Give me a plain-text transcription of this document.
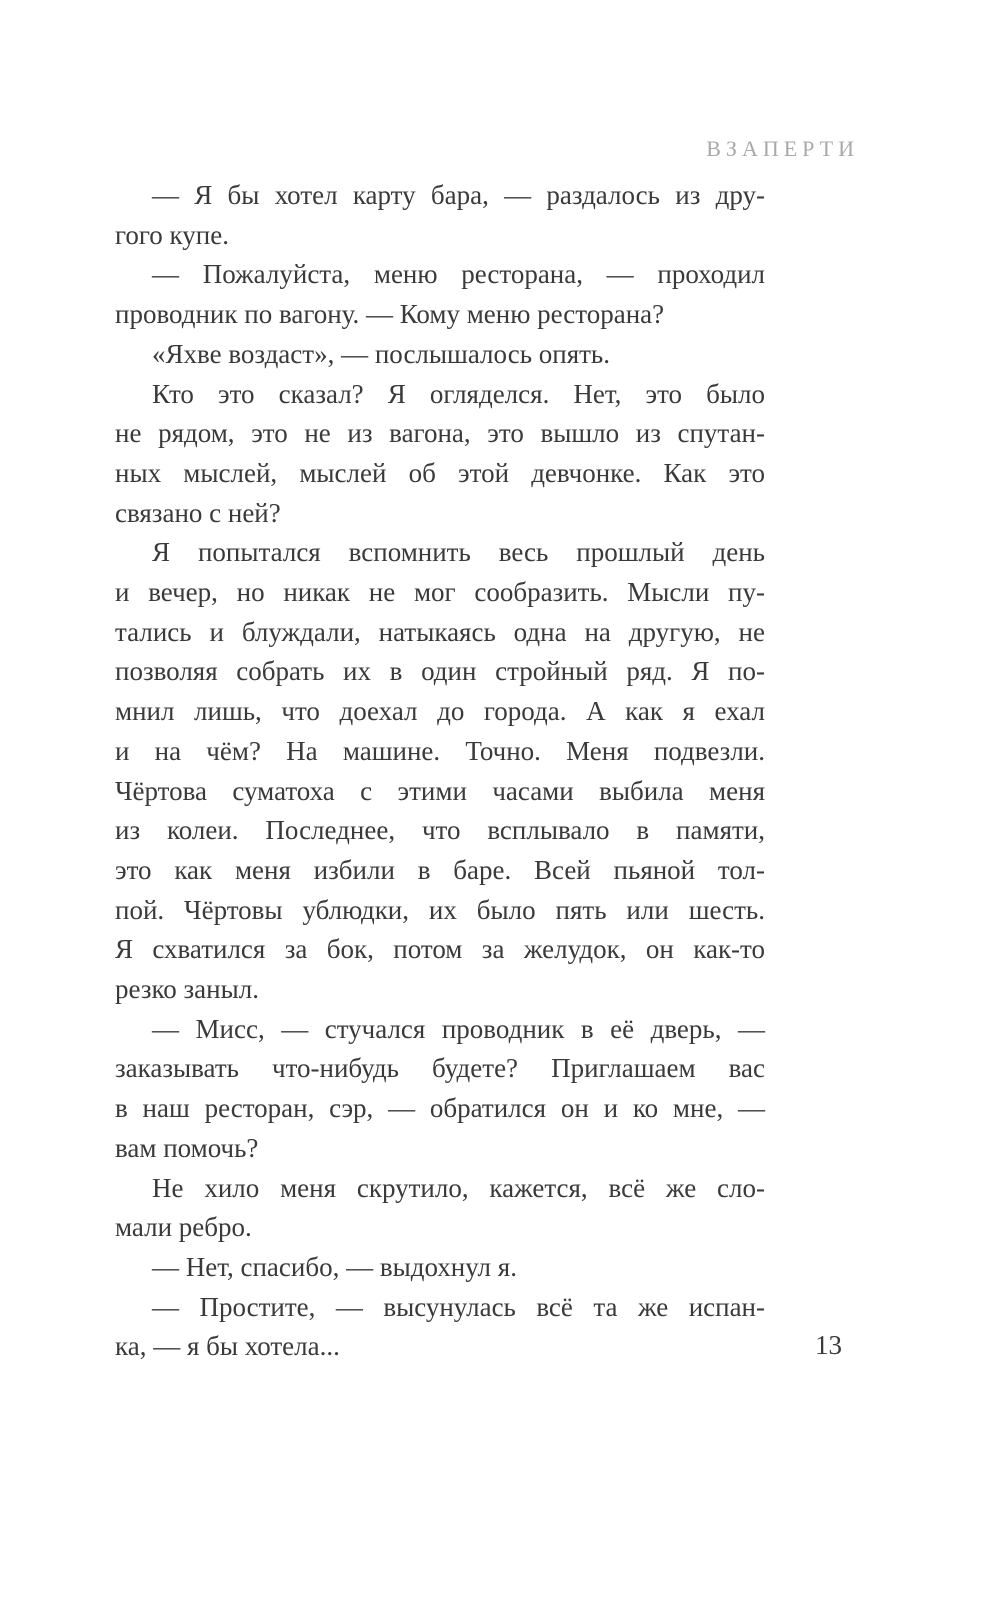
ВЗАПЕРТИ
— Я бы хотел карту бара, — раздалось из дру-
гого купе.
— Пожалуйста, меню ресторана, — проходил
проводник по вагону. — Кому меню ресторана?
«Яхве воздаст», — послышалось опять.
Кто это сказал? Я огляделся. Нет, это было
не рядом, это не из вагона, это вышло из спутан-
ных мыслей, мыслей об этой девчонке. Как это
связано с ней?
Я попытался вспомнить весь прошлый день
и вечер, но никак не мог сообразить. Мысли пу-
тались и блуждали, натыкаясь одна на другую, не
позволяя собрать их в один стройный ряд. Я по-
мнил лишь, что доехал до города. А как я ехал
и на чём? На машине. Точно. Меня подвезли.
Чёртова суматоха с этими часами выбила меня
из колеи. Последнее, что всплывало в памяти,
это как меня избили в баре. Всей пьяной тол-
пой. Чёртовы ублюдки, их было пять или шесть.
Я схватился за бок, потом за желудок, он как-то
резко заныл.
— Мисс, — стучался проводник в её дверь, —
заказывать что-нибудь будете? Приглашаем вас
в наш ресторан, сэр, — обратился он и ко мне, —
вам помочь?
Не хило меня скрутило, кажется, всё же сло-
мали ребро.
— Нет, спасибо, — выдохнул я.
— Простите, — высунулась всё та же испан-
ка, — я бы хотела...	13
